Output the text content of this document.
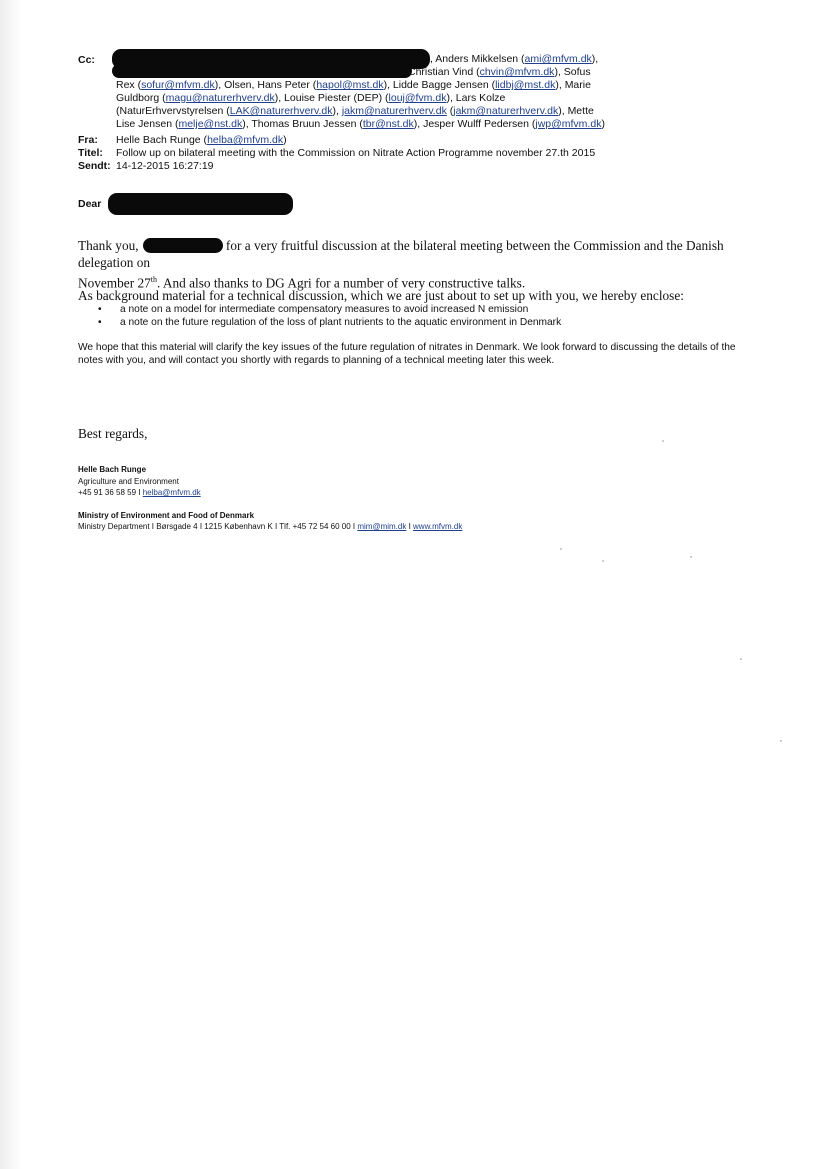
Cc:	, Anders Mikkelsen (ami@mfvm.dk),
Christian Vind (chvin@mfvm.dk), Sofus
Rex (sofur@mfvm.dk), Olsen, Hans Peter (hapol@mst.dk), Lidde Bagge Jensen (lidbj@mst.dk), Marie
Guldborg (magu@naturerhverv.dk), Louise Piester (DEP) (louj@fvm.dk), Lars Kolze
(NaturErhvervstyrelsen (LAK@naturerhverv.dk), jakm@naturerhverv.dk (jakm@naturerhverv.dk), Mette
Lise Jensen (melje@nst.dk), Thomas Bruun Jessen (tbr@nst.dk), Jesper Wulff Pedersen (jwp@mfvm.dk)
Fra: Helle Bach Runge (helba@mfvm.dk)
Titel: Follow up on bilateral meeting with the Commission on Nitrate Action Programme november 27.th 2015
Sendt: 14-12-2015 16:27:19
Dear
Thank you,	for a very fruitful discussion at the bilateral meeting between the Commission and the Danish delegation on
November 27th. And also thanks to DG Agri for a number of very constructive talks.
As background material for a technical discussion, which we are just about to set up with you, we hereby enclose:
• a note on a model for intermediate compensatory measures to avoid increased N emission
• a note on the future regulation of the loss of plant nutrients to the aquatic environment in Denmark
We hope that this material will clarify the key issues of the future regulation of nitrates in Denmark. We look forward to discussing the details of the
notes with you, and will contact you shortly with regards to planning of a technical meeting later this week.
Best regards,
Helle Bach Runge
Agriculture and Environment
+45 91 36 58 59 I helba@mfvm.dk
Ministry of Environment and Food of Denmark
Ministry Department I Børsgade 4 I 1215 København K I Tlf. +45 72 54 60 00 I mim@mim.dk I www.mfvm.dk
